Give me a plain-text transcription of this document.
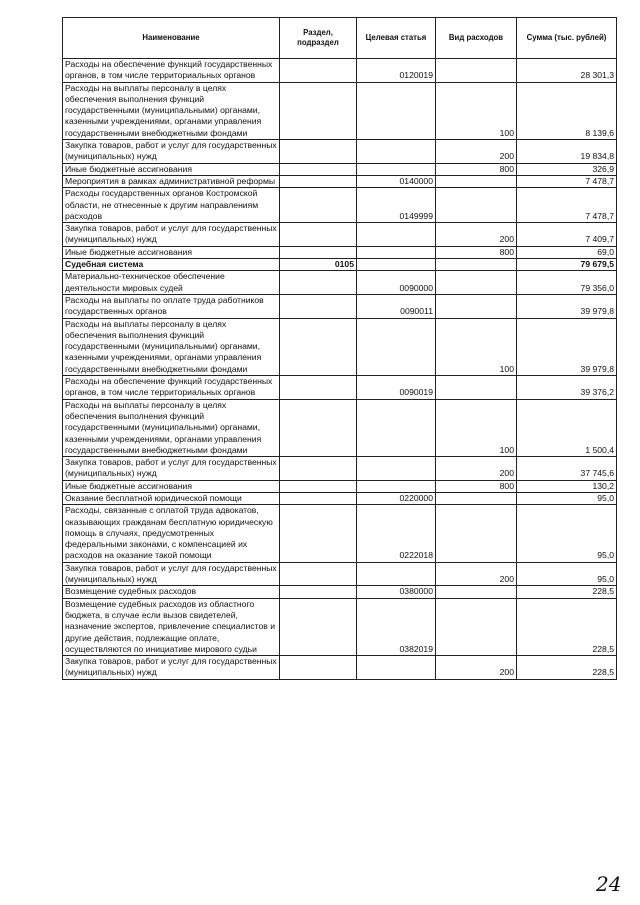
Наименование	Раздел, подраздел	Целевая статья	Вид расходов	Сумма (тыс. рублей)
Расходы на обеспечение функций государственных органов, в том числе территориальных органов		0120019		28 301,3
Расходы на выплаты персоналу в целях обеспечения выполнения функций государственными (муниципальными) органами, казенными учреждениями, органами управления государственными внебюджетными фондами			100	8 139,6
Закупка товаров, работ и услуг для государственных (муниципальных) нужд			200	19 834,8
Иные бюджетные ассигнования			800	326,9
Мероприятия в рамках административной реформы		0140000		7 478,7
Расходы государственных органов Костромской области, не отнесенные к другим направлениям расходов		0149999		7 478,7
Закупка товаров, работ и услуг для государственных (муниципальных) нужд			200	7 409,7
Иные бюджетные ассигнования			800	69,0
Судебная система	0105			79 679,5
Материально-техническое обеспечение деятельности мировых судей		0090000		79 356,0
Расходы на выплаты по оплате труда работников государственных органов		0090011		39 979,8
Расходы на выплаты персоналу в целях обеспечения выполнения функций государственными (муниципальными) органами, казенными учреждениями, органами управления государственными внебюджетными фондами			100	39 979,8
Расходы на обеспечение функций государственных органов, в том числе территориальных органов		0090019		39 376,2
Расходы на выплаты персоналу в целях обеспечения выполнения функций государственными (муниципальными) органами, казенными учреждениями, органами управления государственными внебюджетными фондами			100	1 500,4
Закупка товаров, работ и услуг для государственных (муниципальных) нужд			200	37 745,6
Иные бюджетные ассигнования			800	130,2
Оказание бесплатной юридической помощи		0220000		95,0
Расходы, связанные с оплатой труда адвокатов, оказывающих гражданам бесплатную юридическую помощь в случаях, предусмотренных федеральными законами, с компенсацией их расходов на оказание такой помощи		0222018		95,0
Закупка товаров, работ и услуг для государственных (муниципальных) нужд			200	95,0
Возмещение судебных расходов		0380000		228,5
Возмещение судебных расходов из областного бюджета, в случае если вызов свидетелей, назначение экспертов, привлечение специалистов и другие действия, подлежащие оплате, осуществляются по инициативе мирового судьи		0382019		228,5
Закупка товаров, работ и услуг для государственных (муниципальных) нужд			200	228,5
24
